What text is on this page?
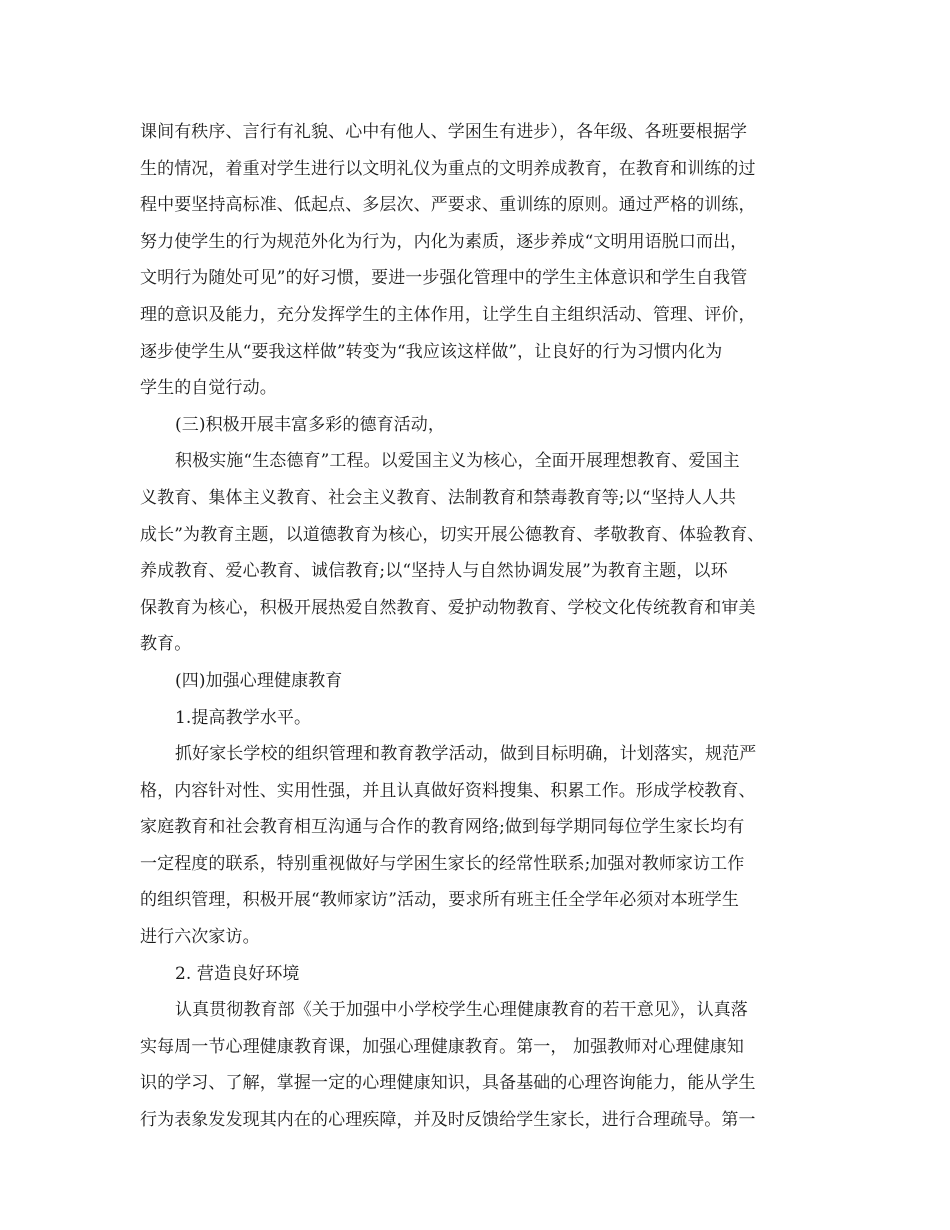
课间有秩序、言行有礼貌、心中有他人、学困生有进步），各年级、各班要根据学
生的情况，着重对学生进行以文明礼仪为重点的文明养成教育，在教育和训练的过
程中要坚持高标准、低起点、多层次、严要求、重训练的原则。通过严格的训练，
努力使学生的行为规范外化为行为，内化为素质，逐步养成“文明用语脱口而出，
文明行为随处可见”的好习惯，要进一步强化管理中的学生主体意识和学生自我管
理的意识及能力，充分发挥学生的主体作用，让学生自主组织活动、管理、评价，
逐步使学生从“要我这样做”转变为“我应该这样做”，让良好的行为习惯内化为
学生的自觉行动。
(三)积极开展丰富多彩的德育活动，
积极实施“生态德育”工程。以爱国主义为核心，全面开展理想教育、爱国主
义教育、集体主义教育、社会主义教育、法制教育和禁毒教育等;以“坚持人人共
成长”为教育主题，以道德教育为核心，切实开展公德教育、孝敬教育、体验教育、
养成教育、爱心教育、诚信教育;以“坚持人与自然协调发展”为教育主题，以环
保教育为核心，积极开展热爱自然教育、爱护动物教育、学校文化传统教育和审美
教育。
(四)加强心理健康教育
1.提高教学水平。
抓好家长学校的组织管理和教育教学活动，做到目标明确，计划落实，规范严
格，内容针对性、实用性强，并且认真做好资料搜集、积累工作。形成学校教育、
家庭教育和社会教育相互沟通与合作的教育网络;做到每学期同每位学生家长均有
一定程度的联系，特别重视做好与学困生家长的经常性联系;加强对教师家访工作
的组织管理，积极开展“教师家访”活动，要求所有班主任全学年必须对本班学生
进行六次家访。
2. 营造良好环境
认真贯彻教育部《关于加强中小学校学生心理健康教育的若干意见》，认真落
实每周一节心理健康教育课，加强心理健康教育。第一， 加强教师对心理健康知
识的学习、了解，掌握一定的心理健康知识，具备基础的心理咨询能力，能从学生
行为表象发发现其内在的心理疾障，并及时反馈给学生家长，进行合理疏导。第一
